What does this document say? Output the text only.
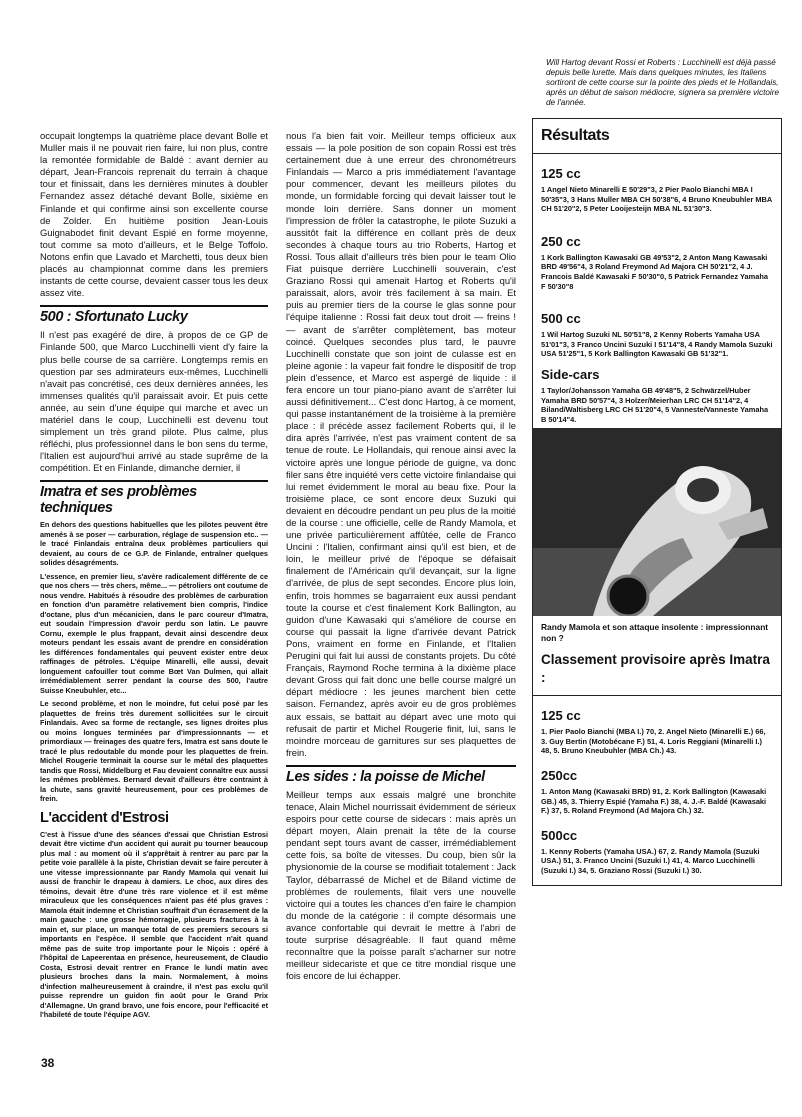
occupait longtemps la quatrième place devant Bolle et Muller mais il ne pouvait rien faire, lui non plus, contre la remontée formidable de Baldé : avant dernier au départ, Jean-Francois reprenait du terrain à chaque tour et finissait, dans les dernières minutes à doubler Fernandez assez détaché devant Bolle, sixième en Finlande et qui confirme ainsi son excellente course de Zolder. En huitième position Jean-Louis Guignabodet finit devant Espié en forme moyenne, tout comme sa moto d'ailleurs, et le Belge Toffolo. Notons enfin que Lavado et Marchetti, tous deux bien placés au championnat comme dans les premiers instants de cette course, devaient casser tous les deux assez vite.

500 : Sfortunato Lucky

Il n'est pas exagéré de dire, à propos de ce GP de Finlande 500, que Marco Lucchinelli vient d'y faire la plus belle course de sa carrière. Longtemps remis en question par ses admirateurs eux-mêmes, Lucchinelli n'avait pas concrétisé, ces deux dernières années, les immenses qualités qu'il paraissait avoir. Et puis cette année, au sein d'une équipe qui marche et avec un matériel dans le coup, Lucchinelli est devenu tout simplement un très grand pilote. Plus calme, plus réfléchi, plus professionnel dans le bon sens du terme, l'Italien est aujourd'hui arrivé au stade suprême de la compétition. Et en Finlande, dimanche dernier, il

Imatra et ses problèmes techniques

En dehors des questions habituelles que les pilotes peuvent être amenés à se poser — carburation, réglage de suspension etc.. — le tracé Finlandais entraîna deux problèmes particuliers qui devaient, au cours de ce G.P. de Finlande, entraîner quelques solides désagréments.

L'essence, en premier lieu, s'avère radicalement différente de ce que nos chers — très chers, même... — pétroliers ont coutume de nous vendre. Habitués à résoudre des problèmes de carburation en fonction d'un paramètre relativement bien compris, l'indice d'octane, plus d'un mécanicien, dans le parc coureur d'Imatra, eut soudain l'impression d'avoir perdu son latin. Le pauvre Cornu, exemple le plus frappant, devait ainsi descendre deux moteurs pendant les essais avant de prendre en considération les différences fondamentales qui peuvent exister entre deux raffinages de pétroles. L'équipe Minarelli, elle aussi, devait longuement cafouiller tout comme Bœt Van Dulmen, qui allait irrémédiablement serrer pendant la course des 500, l'autre Suisse Kneubuhler, etc...

Le second problème, et non le moindre, fut celui posé par les plaquettes de freins très durement sollicitées sur le circuit Finlandais. Avec sa forme de rectangle, ses lignes droites plus ou moins longues terminées par d'impressionnants — et primordiaux — freinages des quatre fers, Imatra est sans doute le tracé le plus redoutable du monde pour les plaquettes de frein. Michel Rougerie terminait la course sur le métal des plaquettes tandis que Rossi, Middelburg et Fau devaient connaître eux aussi les mêmes problèmes. Bernard devait d'ailleurs être contraint à la chute, sans gravité heureusement, pour ces problèmes de frein.

L'accident d'Estrosi

C'est à l'issue d'une des séances d'essai que Christian Estrosi devait être victime d'un accident qui aurait pu tourner beaucoup plus mal : au moment où il s'apprêtait à rentrer au parc par la petite voie parallèle à la piste, Christian devait se faire percuter à une vitesse impressionnante par Randy Mamola qui venait lui aussi de franchir le drapeau à damiers. Le choc, aux dires des témoins, devait être d'une très rare violence et il est même miraculeux que les conséquences n'aient pas été plus graves : Mamola était indemne et Christian souffrait d'un écrasement de la main gauche : une grosse hémorragie, plusieurs fractures à la main et, sur place, un manque total de ces premiers secours si importants en l'espèce. Il semble que l'accident n'ait quand même pas de suite trop importante pour le Niçois : opéré à l'hôpital de Lapeerentaa en présence, heureusement, de Claudio Costa, Estrosi devait rentrer en France le lundi matin avec plusieurs broches dans la main. Normalement, à moins d'infection malheureusement à craindre, il n'est pas exclu qu'il puisse reprendre un guidon fin août pour le Grand Prix d'Allemagne. Un grand bravo, une fois encore, pour l'efficacité et l'habileté de toute l'équipe AGV.

nous l'a bien fait voir. Meilleur temps officieux aux essais — la pole position de son copain Rossi est très certainement due à une erreur des chronométreurs Finlandais — Marco a pris immédiatement l'avantage pour commencer, devant les meilleurs pilotes du monde, un formidable forcing qui devait laisser tout le monde loin derrière. Sans donner un moment l'impression de frôler la catastrophe, le pilote Suzuki a aussitôt fait la différence en collant près de deux secondes à chaque tours au trio Roberts, Hartog et Rossi. Tous allait d'ailleurs très bien pour le team Olio Fiat puisque derrière Lucchinelli souverain, c'est Graziano Rossi qui amenait Hartog et Roberts qu'il paraissait, alors, avoir très facilement à sa main. Et puis au premier tiers de la course le glas sonne pour l'équipe italienne : Rossi fait deux tout droit — freins ! — avant de s'arrêter complètement, bas moteur coincé. Quelques secondes plus tard, le pauvre Lucchinelli constate que son joint de culasse est en pleine agonie : la vapeur fait fondre le dispositif de trop plein d'essence, et Marco est aspergé de liquide : il fera encore un tour piano-piano avant de s'arrêter lui aussi définitivement... C'est donc Hartog, à ce moment, qui passe instantanément de la troisième à la première place : il précède assez facilement Roberts qui, il le dira après l'arrivée, n'est pas vraiment content de sa tenue de route. Le Hollandais, qui renoue ainsi avec la victoire après une longue période de guigne, va donc filer sans être inquiété vers cette victoire finlandaise qui lui remet évidemment le moral au beau fixe. Pour la troisième place, ce sont encore deux Suzuki qui devaient en découdre pendant un peu plus de la moitié de la course : une officielle, celle de Randy Mamola, et une privée particulièrement affûtée, celle de Franco Uncini : l'Italien, confirmant ainsi qu'il est bien, et de loin, le meilleur privé de l'époque se défaisait finalement de l'Américain qu'il devançait, sur la ligne d'arrivée, de plus de sept secondes. Encore plus loin, enfin, trois hommes se bagarraient eux aussi pendant toute la course et c'est finalement Kork Ballington, au guidon d'une Kawasaki qui s'améliore de course en course qui passait la ligne d'arrivée devant Patrick Pons, vraiment en forme en Finlande, et l'Italien Perugini qui fait lui aussi de constants projets. Du côté Français, Raymond Roche termina à la dixième place devant Gross qui fait donc une belle course malgré un départ médiocre : les jeunes marchent bien cette saison. Fernandez, après avoir eu de gros problèmes aux essais, se battait au départ avec une moto qui refusait de partir et Michel Rougerie finit, lui, sans le moindre morceau de garnitures sur ses plaquettes de frein.

Les sides : la poisse de Michel

Meilleur temps aux essais malgré une bronchite tenace, Alain Michel nourrissait évidemment de sérieux espoirs pour cette course de sidecars : mais après un départ moyen, Alain prenait la tête de la course pendant sept tours avant de casser, irrémédiablement cette fois, sa boîte de vitesses. Du coup, bien sûr la physionomie de la course se modifiait totalement : Jack Taylor, débarrassé de Michel et de Biland victime de problèmes de roulements, filait vers une nouvelle victoire qui a toutes les chances d'en faire le champion du monde de la catégorie : il compte désormais une avance confortable qui devrait le mettre à l'abri de toute surprise désagréable. Il faut quand même reconnaître que la poisse paraît s'acharner sur notre meilleur sidecariste et que ce titre mondial risque une fois encore de lui échapper.

Will Hartog devant Rossi et Roberts : Lucchinelli est déjà passé depuis belle lurette. Mais dans quelques minutes, les Italiens sortiront de cette course sur la pointe des pieds et le Hollandais, après un début de saison médiocre, signera sa première victoire de l'année.
Résultats
125 cc
1 Angel Nieto Minarelli E 50'29"3, 2 Pier Paolo Bianchi MBA I 50'35"3, 3 Hans Muller MBA CH 50'38"6, 4 Bruno Kneubuhler MBA CH 51'20"2, 5 Peter Looijesteijn MBA NL 51'30"3.
250 cc
1 Kork Ballington Kawasaki GB 49'53"2, 2 Anton Mang Kawasaki BRD 49'56"4, 3 Roland Freymond Ad Majora CH 50'21"2, 4 J. Francois Baldé Kawasaki F 50'30"0, 5 Patrick Fernandez Yamaha F 50'30"8
500 cc
1 Wil Hartog Suzuki NL 50'51"8, 2 Kenny Roberts Yamaha USA 51'01"3, 3 Franco Uncini Suzuki I 51'14"8, 4 Randy Mamola Suzuki USA 51'25"1, 5 Kork Ballington Kawasaki GB 51'32"1.
Side-cars
1 Taylor/Johansson Yamaha GB 49'48"5, 2 Schwärzel/Huber Yamaha BRD 50'57"4, 3 Holzer/Meierhan LRC CH 51'14"2, 4 Biland/Waltisberg LRC CH 51'20"4, 5 Vanneste/Vanneste Yamaha B 50'14"4.
Randy Mamola et son attaque insolente : impressionnant non ?
Classement provisoire après Imatra :
125 cc
1. Pier Paolo Bianchi (MBA I.) 70, 2. Angel Nieto (Minarelli E.) 66, 3. Guy Bertin (Motobécane F.) 51, 4. Loris Reggiani (Minarelli I.) 48, 5. Bruno Kneubuhler (MBA Ch.) 43.
250cc
1. Anton Mang (Kawasaki BRD) 91, 2. Kork Ballington (Kawasaki GB.) 45, 3. Thierry Espié (Yamaha F.) 38, 4. J.-F. Baldé (Kawasaki F.) 37, 5. Roland Freymond (Ad Majora Ch.) 32.
500cc
1. Kenny Roberts (Yamaha USA.) 67, 2. Randy Mamola (Suzuki USA.) 51, 3. Franco Uncini (Suzuki I.) 41, 4. Marco Lucchinelli (Suzuki I.) 34, 5. Graziano Rossi (Suzuki I.) 30.
38
